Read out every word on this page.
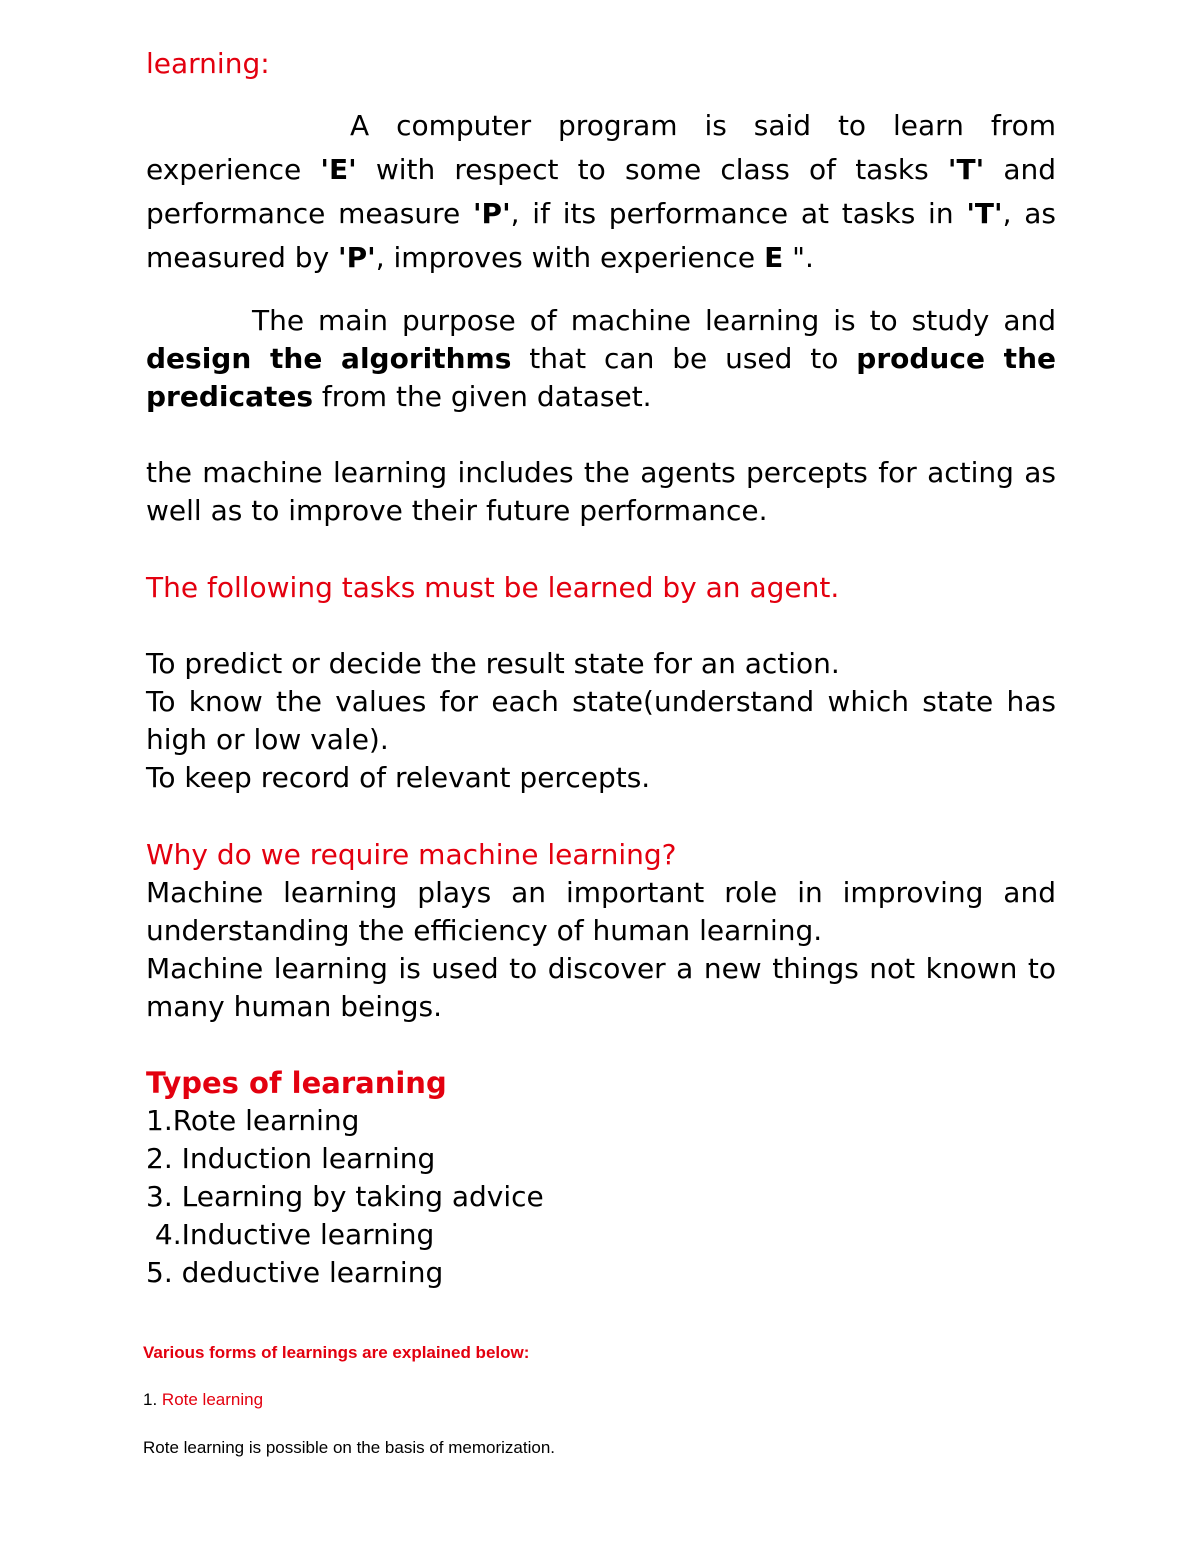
learning:
A computer program is said to learn from experience 'E' with respect to some class of tasks 'T' and performance measure 'P', if its performance at tasks in 'T', as measured by 'P', improves with experience E ".
The main purpose of machine learning is to study and design the algorithms that can be used to produce the predicates from the given dataset.
the machine learning includes the agents percepts for acting as well as to improve their future performance.
The following tasks must be learned by an agent.
To predict or decide the result state for an action.
To know the values for each state(understand which state has high or low vale).
To keep record of relevant percepts.
Why do we require machine learning?
Machine learning plays an important role in improving and understanding the efficiency of human learning.
Machine learning is used to discover a new things not known to many human beings.
Types of learaning
1.Rote learning
2. Induction learning
3. Learning by taking advice
4.Inductive learning
5. deductive learning
Various forms of learnings are explained below:
1. Rote learning
Rote learning is possible on the basis of memorization.
